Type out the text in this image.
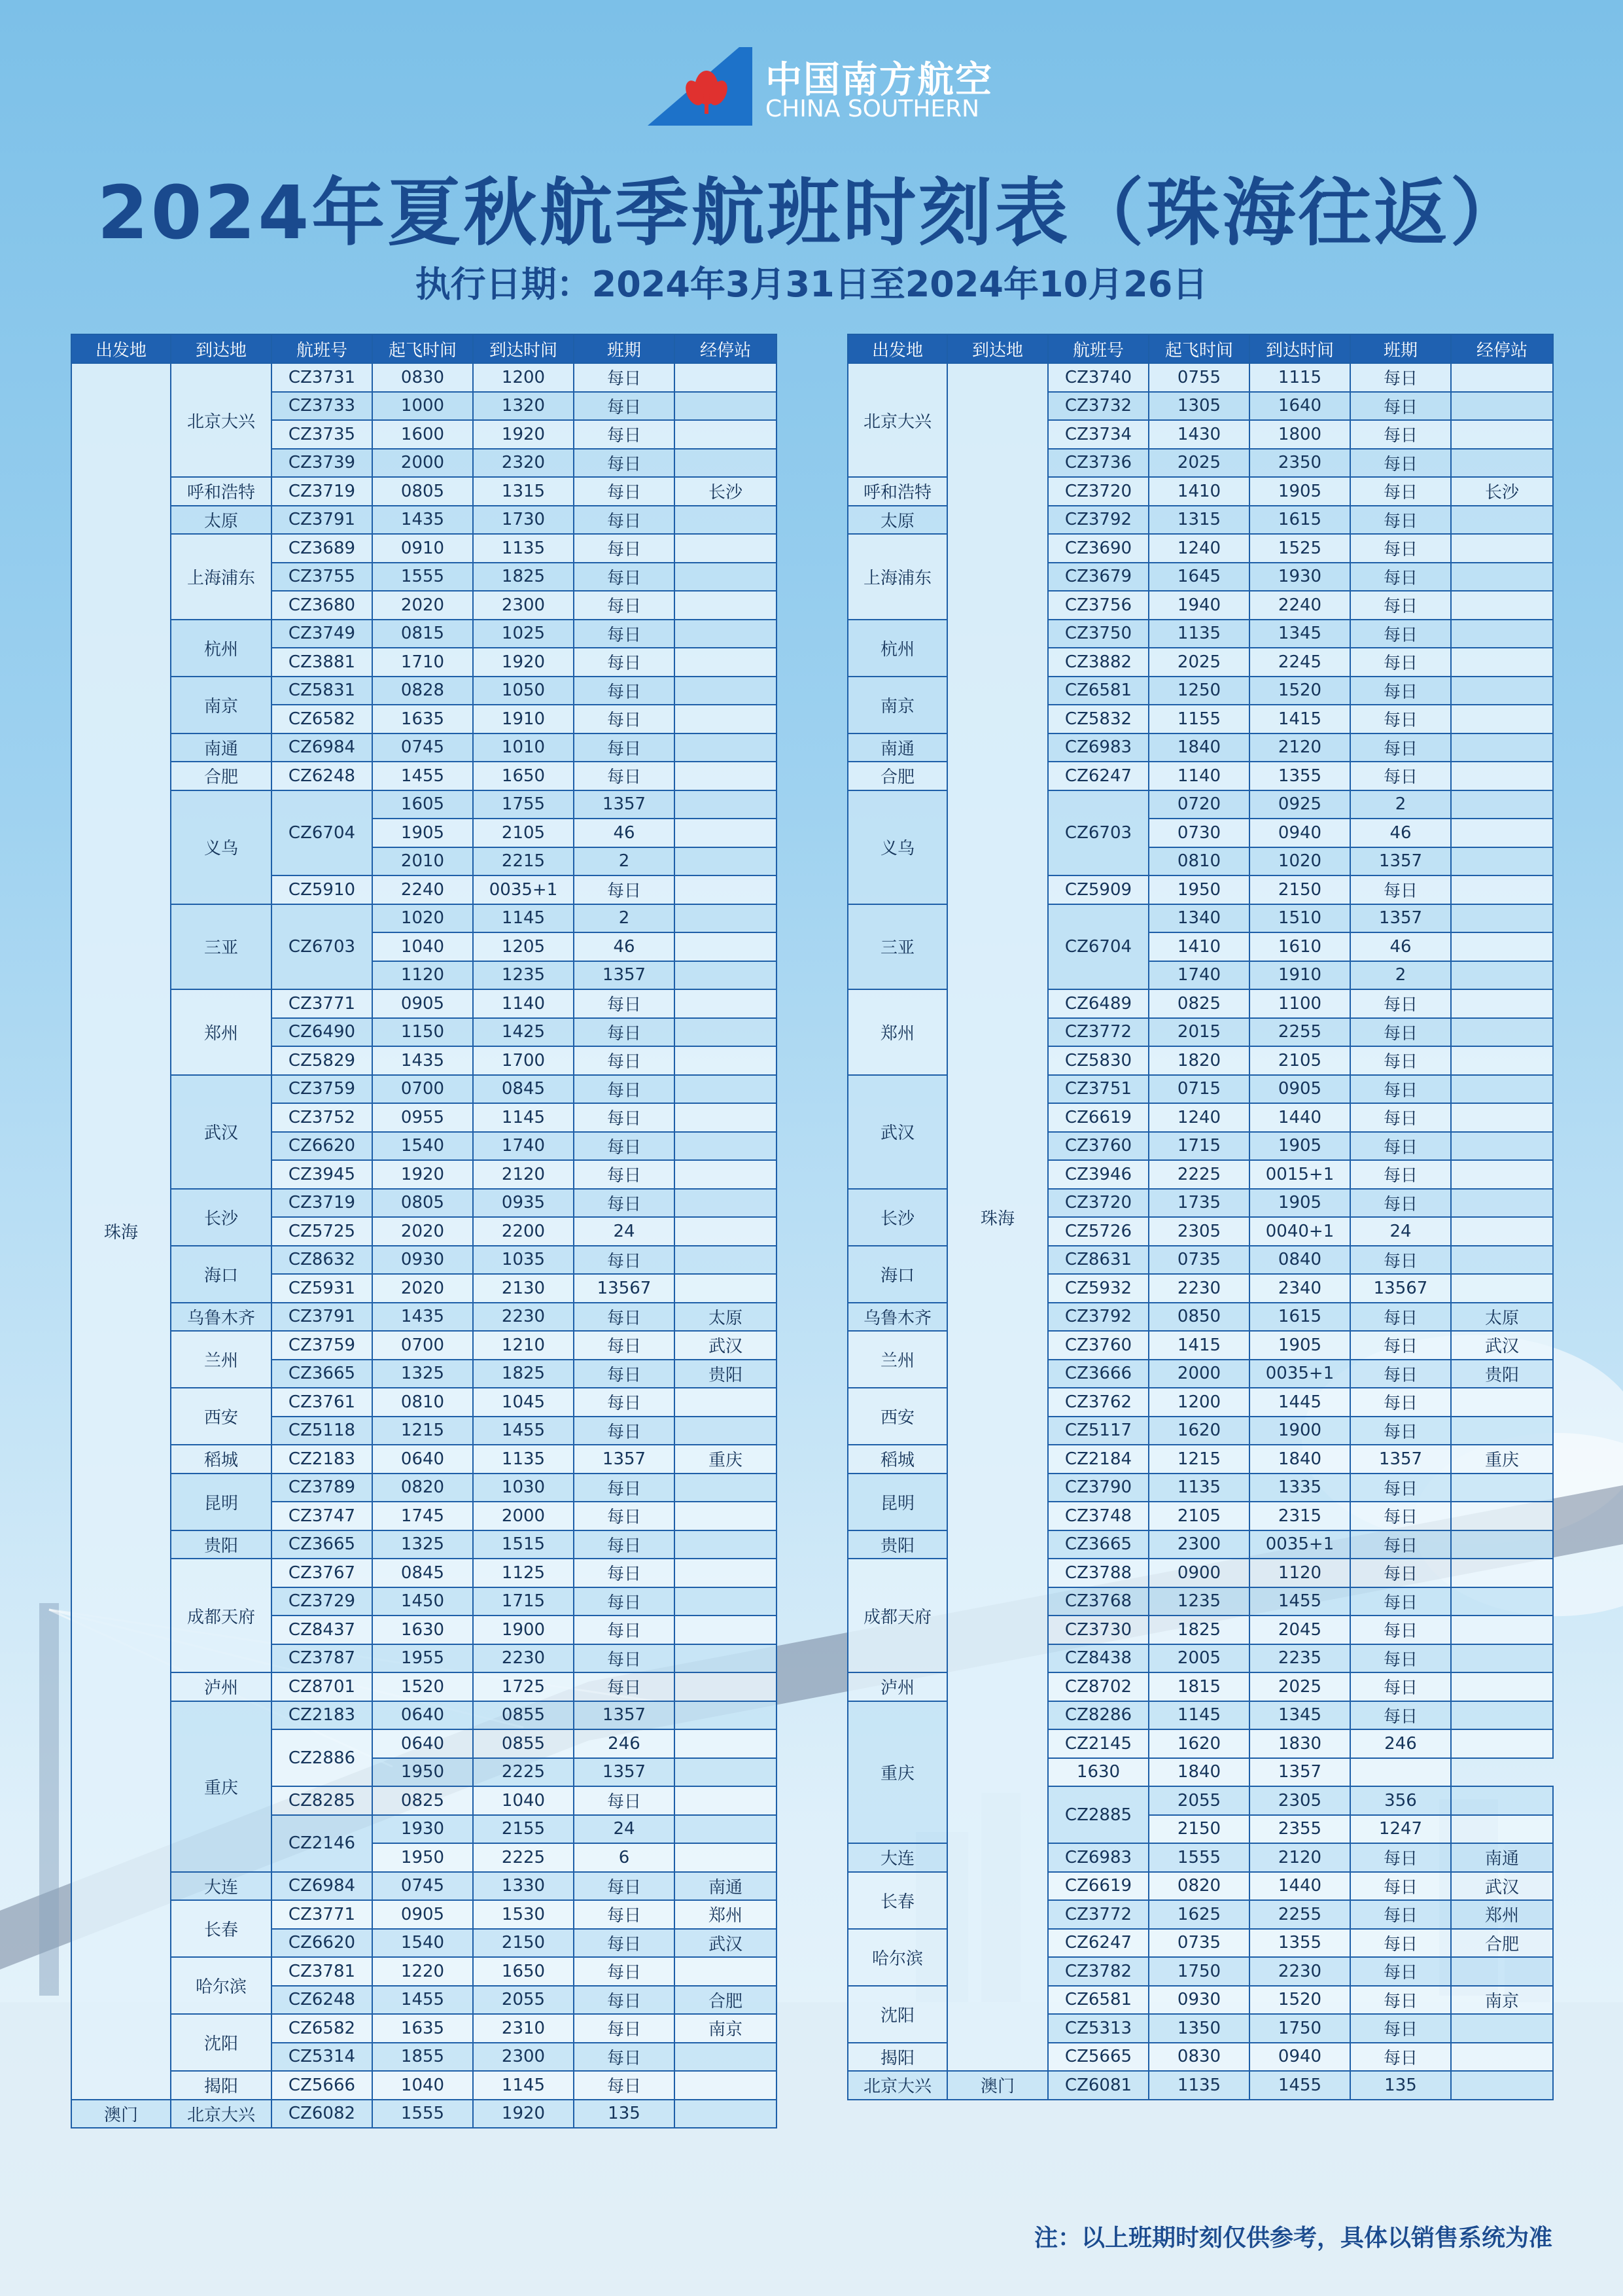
中国南方航空
CHINA SOUTHERN
2024年夏秋航季航班时刻表（珠海往返）
执行日期：2024年3月31日至2024年10月26日
出发地	到达地	航班号	起飞时间	到达时间	班期	经停站
珠海	北京大兴	CZ3731	0830	1200	每日	
		CZ3733	1000	1320	每日	
		CZ3735	1600	1920	每日	
		CZ3739	2000	2320	每日	
	呼和浩特	CZ3719	0805	1315	每日	长沙
	太原	CZ3791	1435	1730	每日	
	上海浦东	CZ3689	0910	1135	每日	
		CZ3755	1555	1825	每日	
		CZ3680	2020	2300	每日	
	杭州	CZ3749	0815	1025	每日	
		CZ3881	1710	1920	每日	
	南京	CZ5831	0828	1050	每日	
		CZ6582	1635	1910	每日	
	南通	CZ6984	0745	1010	每日	
	合肥	CZ6248	1455	1650	每日	
	义乌	CZ6704	1605	1755	1357	
			1905	2105	46	
			2010	2215	2	
		CZ5910	2240	0035+1	每日	
	三亚	CZ6703	1020	1145	2	
			1040	1205	46	
			1120	1235	1357	
	郑州	CZ3771	0905	1140	每日	
		CZ6490	1150	1425	每日	
		CZ5829	1435	1700	每日	
	武汉	CZ3759	0700	0845	每日	
		CZ3752	0955	1145	每日	
		CZ6620	1540	1740	每日	
		CZ3945	1920	2120	每日	
	长沙	CZ3719	0805	0935	每日	
		CZ5725	2020	2200	24	
	海口	CZ8632	0930	1035	每日	
		CZ5931	2020	2130	13567	
	乌鲁木齐	CZ3791	1435	2230	每日	太原
	兰州	CZ3759	0700	1210	每日	武汉
		CZ3665	1325	1825	每日	贵阳
	西安	CZ3761	0810	1045	每日	
		CZ5118	1215	1455	每日	
	稻城	CZ2183	0640	1135	1357	重庆
	昆明	CZ3789	0820	1030	每日	
		CZ3747	1745	2000	每日	
	贵阳	CZ3665	1325	1515	每日	
	成都天府	CZ3767	0845	1125	每日	
		CZ3729	1450	1715	每日	
		CZ8437	1630	1900	每日	
		CZ3787	1955	2230	每日	
	泸州	CZ8701	1520	1725	每日	
	重庆	CZ2183	0640	0855	1357	
		CZ2886	0640	0855	246	
			1950	2225	1357	
		CZ8285	0825	1040	每日	
		CZ2146	1930	2155	24	
			1950	2225	6	
	大连	CZ6984	0745	1330	每日	南通
	长春	CZ3771	0905	1530	每日	郑州
		CZ6620	1540	2150	每日	武汉
	哈尔滨	CZ3781	1220	1650	每日	
		CZ6248	1455	2055	每日	合肥
	沈阳	CZ6582	1635	2310	每日	南京
		CZ5314	1855	2300	每日	
	揭阳	CZ5666	1040	1145	每日	
澳门	北京大兴	CZ6082	1555	1920	135	
出发地	到达地	航班号	起飞时间	到达时间	班期	经停站
北京大兴	珠海	CZ3740	0755	1115	每日	
		CZ3732	1305	1640	每日	
		CZ3734	1430	1800	每日	
		CZ3736	2025	2350	每日	
呼和浩特		CZ3720	1410	1905	每日	长沙
太原		CZ3792	1315	1615	每日	
上海浦东		CZ3690	1240	1525	每日	
		CZ3679	1645	1930	每日	
		CZ3756	1940	2240	每日	
杭州		CZ3750	1135	1345	每日	
		CZ3882	2025	2245	每日	
南京		CZ6581	1250	1520	每日	
		CZ5832	1155	1415	每日	
南通		CZ6983	1840	2120	每日	
合肥		CZ6247	1140	1355	每日	
义乌		CZ6703	0720	0925	2	
			0730	0940	46	
			0810	1020	1357	
		CZ5909	1950	2150	每日	
三亚		CZ6704	1340	1510	1357	
			1410	1610	46	
			1740	1910	2	
郑州		CZ6489	0825	1100	每日	
		CZ3772	2015	2255	每日	
		CZ5830	1820	2105	每日	
武汉		CZ3751	0715	0905	每日	
		CZ6619	1240	1440	每日	
		CZ3760	1715	1905	每日	
		CZ3946	2225	0015+1	每日	
长沙		CZ3720	1735	1905	每日	
		CZ5726	2305	0040+1	24	
海口		CZ8631	0735	0840	每日	
		CZ5932	2230	2340	13567	
乌鲁木齐		CZ3792	0850	1615	每日	太原
兰州		CZ3760	1415	1905	每日	武汉
		CZ3666	2000	0035+1	每日	贵阳
西安		CZ3762	1200	1445	每日	
		CZ5117	1620	1900	每日	
稻城		CZ2184	1215	1840	1357	重庆
昆明		CZ3790	1135	1335	每日	
		CZ3748	2105	2315	每日	
贵阳		CZ3665	2300	0035+1	每日	
成都天府		CZ3788	0900	1120	每日	
		CZ3768	1235	1455	每日	
		CZ3730	1825	2045	每日	
		CZ8438	2005	2235	每日	
泸州		CZ8702	1815	2025	每日	
重庆		CZ8286	1145	1345	每日	
		CZ2145	1620	1830	246	

		1630	1840	1357		
		CZ2885	2055	2305	356	
			2150	2355	1247	
大连		CZ6983	1555	2120	每日	南通
长春		CZ6619	0820	1440	每日	武汉
		CZ3772	1625	2255	每日	郑州
哈尔滨		CZ6247	0735	1355	每日	合肥
		CZ3782	1750	2230	每日	
沈阳		CZ6581	0930	1520	每日	南京
		CZ5313	1350	1750	每日	
揭阳		CZ5665	0830	0940	每日	
北京大兴	澳门	CZ6081	1135	1455	135	
注：以上班期时刻仅供参考，具体以销售系统为准
